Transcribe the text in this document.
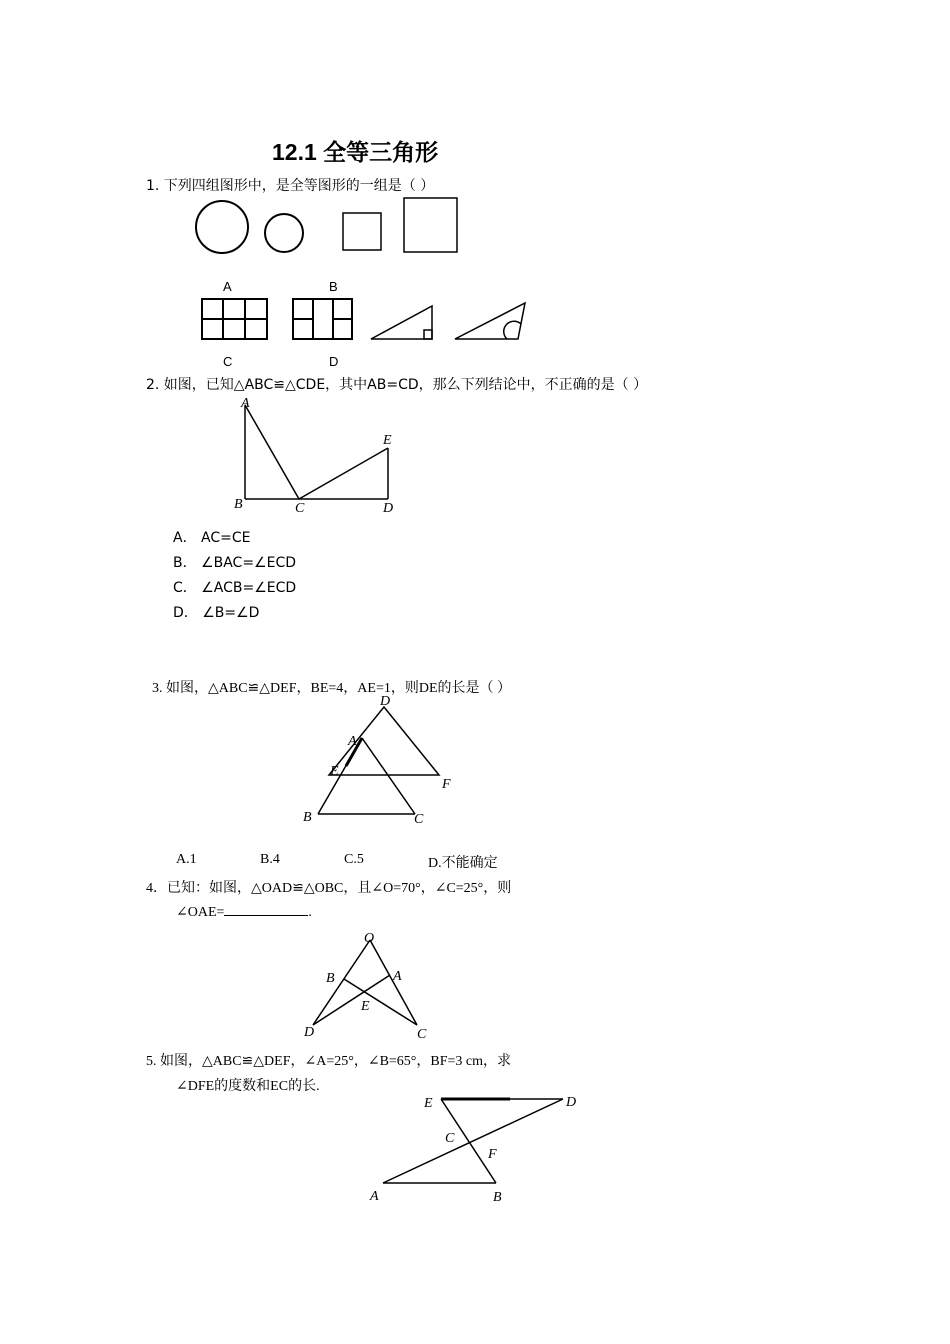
12.1 全等三角形
1. 下列四组图形中，是全等图形的一组是（ ）
A	B
C	D
2. 如图，已知△ABC≌△CDE，其中AB=CD，那么下列结论中，不正确的是（ ）
A
B	C	D
E
A． AC=CE
B． ∠BAC=∠ECD
C． ∠ACB=∠ECD
D． ∠B=∠D
3. 如图，△ABC≌△DEF，BE=4，AE=1，则DE的长是（ ）
D
A
E
F
B	C
A.1	B.4	C.5	D.不能确定
4．已知：如图，△OAD≌△OBC，且∠O=70°，∠C=25°，则
∠OAE=	.
O
B	A
E
D	C
5. 如图，△ABC≌△DEF，∠A=25°，∠B=65°，BF=3 cm，求
∠DFE的度数和EC的长.
E	D
C
F
A	B
